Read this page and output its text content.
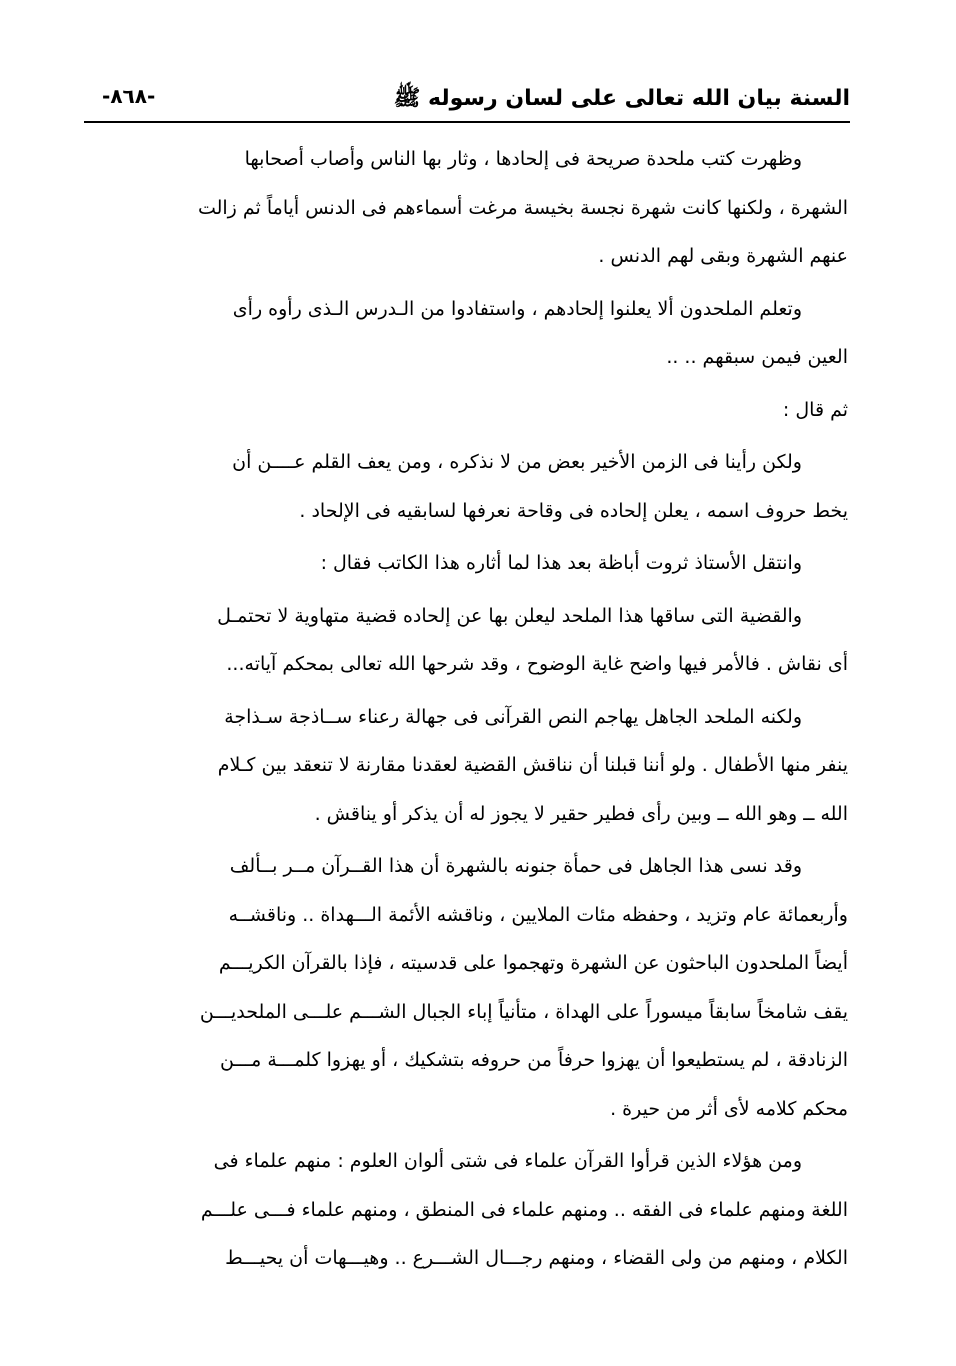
السنة بيان الله تعالى على لسان رسوله ﷺ
-٨٦٨-
وظهرت كتب ملحدة صريحة فى إلحادها ، وثار بها الناس وأصاب أصحابها
الشهرة ، ولكنها كانت شهرة نجسة بخيسة مرغت أسماءهم فى الدنس أياماً ثم زالت
عنهم الشهرة وبقى لهم الدنس .
وتعلم الملحدون ألا يعلنوا إلحادهم ، واستفادوا من الـدرس الـذى رأوه رأى
العين فيمن سبقهم .. ..
ثم قال :
ولكن رأينا فى الزمن الأخير بعض من لا نذكره ، ومن يعف القلم عــــن أن
يخط حروف اسمه ، يعلن إلحاده فى وقاحة نعرفها لسابقيه فى الإلحاد .
وانتقل الأستاذ ثروت أباظة بعد هذا لما أثاره هذا الكاتب فقال :
والقضية التى ساقها هذا الملحد ليعلن بها عن إلحاده قضية متهاوية لا تحتمـل
أى نقاش . فالأمر فيها واضح غاية الوضوح ، وقد شرحها الله تعالى بمحكم آياته...
ولكنه الملحد الجاهل يهاجم النص القرآنى فى جهالة رعناء ســاذجة سـذاجة
ينفر منها الأطفال . ولو أننا قبلنا أن نناقش القضية لعقدنا مقارنة لا تنعقد بين كـلام
الله ــ وهو الله ــ وبين رأى فطير حقير لا يجوز له أن يذكر أو يناقش .
وقد نسى هذا الجاهل فى حمأة جنونه بالشهرة أن هذا القــرآن مــر بــألف
وأربعمائة عام وتزيد ، وحفظه مئات الملايين ، وناقشه الأئمة الـــهداة .. وناقشــه
أيضاً الملحدون الباحثون عن الشهرة وتهجموا على قدسيته ، فإذا بالقرآن الكريـــم
يقف شامخاً سابقاً ميسوراً على الهداة ، متأنياً إباء الجبال الشـــم علـــى الملحديـــن
الزنادقة ، لم يستطيعوا أن يهزوا حرفاً من حروفه بتشكيك ، أو يهزوا كلمـــة مـــن
محكم كلامه لأى أثر من حيرة .
ومن هؤلاء الذين قرأوا القرآن علماء فى شتى ألوان العلوم : منهم علماء فى
اللغة ومنهم علماء فى الفقه .. ومنهم علماء فى المنطق ، ومنهم علماء فـــى علـــم
الكلام ، ومنهم من ولى القضاء ، ومنهم رجـــال الشـــرع .. وهيـــهات أن يحيـــط
